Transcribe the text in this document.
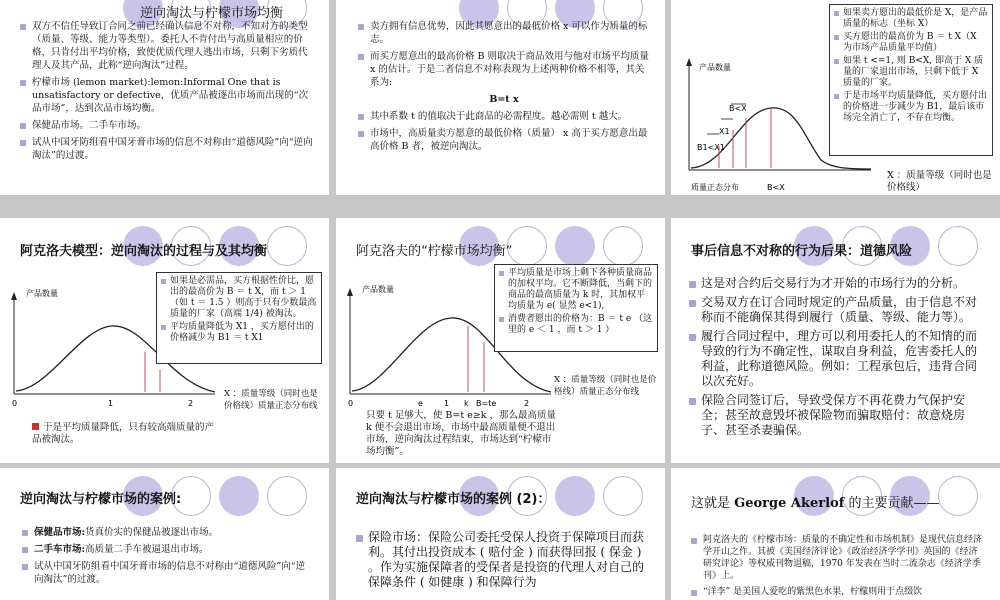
逆向淘汰与柠檬市场均衡
双方不信任导致订合同之前已经确认信息不对称，不知对方的类型（质量、等级、能力等类型）。委托人不肯付出与高质量相应的价格，只肯付出平均价格，致使优质代理人逃出市场，只剩下劣质代理人及其产品，此称“逆向淘汰”过程。
柠檬市场 (lemon market):lemon:Informal One that is unsatisfactory or defective，优质产品被逐出市场而出现的“次品市场”，达到次品市场均衡。
保健品市场。二手车市场。
试从中国牙防组看中国牙膏市场的信息不对称由“道德风险”向“逆向淘汰”的过渡。
卖方拥有信息优势，因此其愿意出的最低价格 x 可以作为质量的标志。
而买方愿意出的最高价格 B 则取决于商品效用与他对市场平均质量 x 的估计。于是二者信息不对称表现为上述两种价格不相等，其关系为:
B=t x
其中系数 t 的值取决于此商品的必需程度。越必需则 t 越大。
市场中，高质量卖方愿意的最低价格（质量） x 高于买方愿意出最高价格 B 者，被逆向淘汰。
产品数量
B<X
X1
B1<X1
质量正态分布	B<X
如果卖方愿出的最低价是 X，是产品质量的标志（坐标 X）
买方愿出的最高价为 B ＝ t X（X 为市场产品质量平均值）
如果 t <=1, 则 B<X, 即高于 X 质量的厂家退出市场，只剩下低于 X 质量的厂家。
于是市场平均质量降低，买方愿付出的价格进一步减少为 B1，最后该市场完全消亡了，不存在均衡。
X ：质量等级（同时也是价格线）
阿克洛夫模型：逆向淘汰的过程与及其均衡
产品数量
0	1	2
如果是必需品，买方根据性价比，愿出的最高价为 B ＝ t X，而 t ＞ 1 （如 t ＝ 1.5 ）则高于只有少数最高质量的厂家（高端 1/4) 被淘汰。
平均质量降低为 X1 ，买方愿付出的价格减少为 B1 ＝ t X1
X ：质量等级（同时也是价格线）质量正态分布线
于是平均质量降低，只有较高端质量的产品被淘汰。
阿克洛夫的“柠檬市场均衡”
产品数量
0	e	1 k B=te	2
平均质量是市场上剩下各种质量商品的加权平均。它不断降低，当剩下的商品的最高质量为 k 时，其加权平均质量为 e( 显然 e<1),
消费者愿出的价格为：B ＝ t e （这里的 e ＜ 1 ，而 t ＞ 1 ）
X ：质量等级（同时也是价格线）质量正态分布线
只要 t 足够大，使 B=t e≥k ，那么最高质量 k 便不会退出市场，市场中最高质量便不退出市场，逆向淘汰过程结束，市场达到“柠檬市场均衡”。
事后信息不对称的行为后果：道德风险
这是对合约后交易行为才开始的市场行为的分析。
交易双方在订合同时规定的产品质量，由于信息不对称而不能确保其得到履行（质量、等级、能力等）。
履行合同过程中，理方可以利用委托人的不知情的而导致的行为不确定性，谋取自身利益，危害委托人的利益，此称道德风险。例如：工程承包后，违背合同以次充好。
保险合同签订后，导致受保方不再花费力气保护安全；甚至故意毁坏被保险物而骗取赔付：故意烧房子、甚至杀妻骗保。
逆向淘汰与柠檬市场的案例:
保健品市场:货真价实的保健品被逐出市场。
二手车市场:高质量二手车被逼退出市场。
试从中国牙防组看中国牙膏市场的信息不对称由“道德风险”向“逆向淘汰”的过渡。
逆向淘汰与柠檬市场的案例 (2)：
保险市场：保险公司委托受保人投资于保障项目而获利。其付出投资成本 ( 赔付金 ) 而获得回报 ( 保金 ) 。作为实施保障者的受保者是投资的代理人对自己的保障条件 ( 如健康 ) 和保障行为
这就是 George Akerlof 的主要贡献——
阿克洛夫的《柠檬市场：质量的不确定性和市场机制》是现代信息经济学开山之作。其被《美国经济评论》《政治经济学学刊》英国的《经济研究评论》等权威刊物退稿，1970 年发表在当时二流杂志《经济学季刊》上。
“洋李” 是美国人爱吃的紫黑色水果，柠檬则用于点缀饮
